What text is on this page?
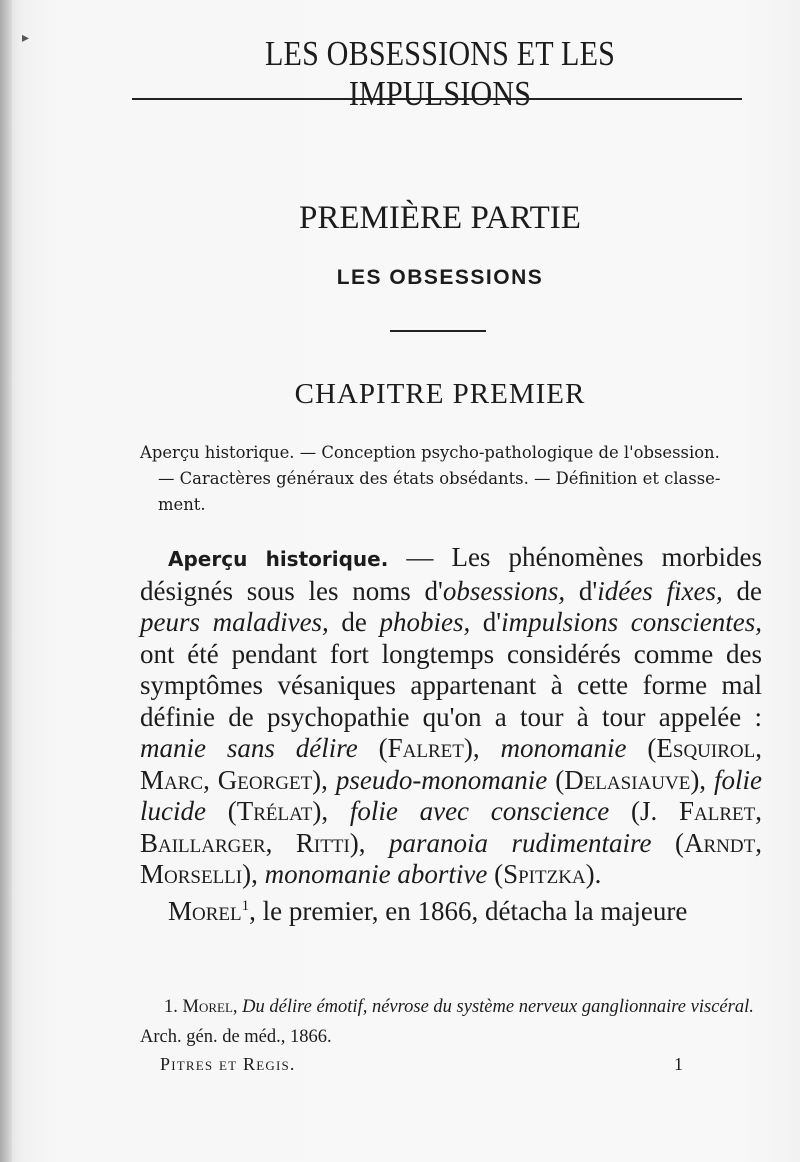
▸	LES OBSESSIONS ET LES IMPULSIONS
PREMIÈRE PARTIE
LES OBSESSIONS
CHAPITRE PREMIER
Aperçu historique. — Conception psycho-pathologique de l'obsession.
— Caractères généraux des états obsédants. — Définition et classe-
ment.

Aperçu historique. — Les phénomènes morbides désignés sous les noms d'obsessions, d'idées fixes, de peurs maladives, de phobies, d'impulsions conscientes, ont été pendant fort longtemps considérés comme des symptômes vésaniques appartenant à cette forme mal définie de psychopathie qu'on a tour à tour appelée : manie sans délire (Falret), monomanie (Esquirol, Marc, Georget), pseudo-monomanie (Delasiauve), folie lucide (Trélat), folie avec conscience (J. Falret, Baillarger, Ritti), paranoia rudimentaire (Arndt, Morselli), monomanie abortive (Spitzka).

Morel$^1$, le premier, en 1866, détacha la majeure

1. Morel, Du délire émotif, névrose du système nerveux ganglionnaire viscéral. Arch. gén. de méd., 1866.
Pitres et Regis.	1
